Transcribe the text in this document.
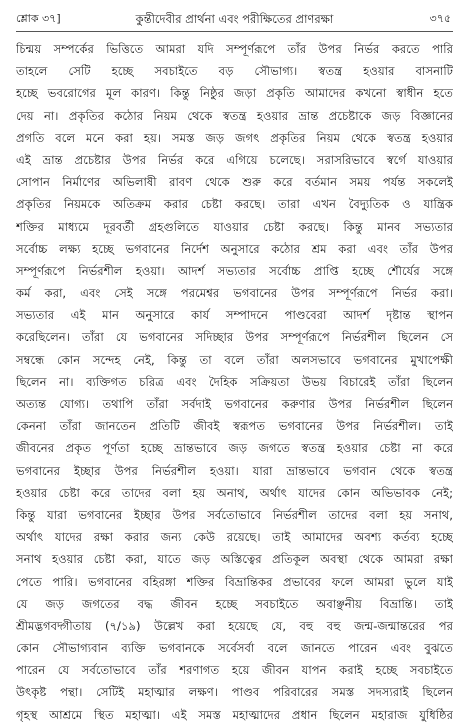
শ্লোক ৩৭]	কুন্তীদেবীর প্রার্থনা এবং পরীক্ষিতের প্রাণরক্ষা	৩৭৫
চিন্ময় সম্পর্কের ভিত্তিতে আমরা যদি সম্পূর্ণরূপে তাঁর উপর নির্ভর করতে পারি
তাহলে সেটি হচ্ছে সবচাইতে বড় সৌভাগ্য। স্বতন্ত্র হওয়ার বাসনাটি
হচ্ছে ভবরোগের মূল কারণ। কিন্তু নিষ্ঠুর জড়া প্রকৃতি আমাদের কখনো স্বাধীন হতে
দেয় না। প্রকৃতির কঠোর নিয়ম থেকে স্বতন্ত্র হওয়ার ভ্রান্ত প্রচেষ্টাকে জড় বিজ্ঞানের
প্রগতি বলে মনে করা হয়। সমস্ত জড় জগৎ প্রকৃতির নিয়ম থেকে স্বতন্ত্র হওয়ার
এই ভ্রান্ত প্রচেষ্টার উপর নির্ভর করে এগিয়ে চলেছে। সরাসরিভাবে স্বর্গে যাওয়ার
সোপান নির্মাণের অভিলাষী রাবণ থেকে শুরু করে বর্তমান সময় পর্যন্ত সকলেই
প্রকৃতির নিয়মকে অতিক্রম করার চেষ্টা করছে। তারা এখন বৈদ্যুতিক ও যান্ত্রিক
শক্তির মাধ্যমে দূরবর্তী গ্রহগুলিতে যাওয়ার চেষ্টা করছে। কিন্তু মানব সভ্যতার
সর্বোচ্চ লক্ষ্য হচ্ছে ভগবানের নির্দেশ অনুসারে কঠোর শ্রম করা এবং তাঁর উপর
সম্পূর্ণরূপে নির্ভরশীল হওয়া। আদর্শ সভ্যতার সর্বোচ্চ প্রাপ্তি হচ্ছে শৌর্যের সঙ্গে
কর্ম করা, এবং সেই সঙ্গে পরমেশ্বর ভগবানের উপর সম্পূর্ণরূপে নির্ভর করা।
সভ্যতার এই মান অনুসারে কার্য সম্পাদনে পাণ্ডবেরা আদর্শ দৃষ্টান্ত স্থাপন
করেছিলেন। তাঁরা যে ভগবানের সদিচ্ছার উপর সম্পূর্ণরূপে নির্ভরশীল ছিলেন সে
সম্বন্ধে কোন সন্দেহ নেই, কিন্তু তা বলে তাঁরা অলসভাবে ভগবানের মুখাপেক্ষী
ছিলেন না। ব্যক্তিগত চরিত্র এবং দৈহিক সক্রিয়তা উভয় বিচারেই তাঁরা ছিলেন
অত্যন্ত যোগ্য। তথাপি তাঁরা সর্বদাই ভগবানের করুণার উপর নির্ভরশীল ছিলেন
কেননা তাঁরা জানতেন প্রতিটি জীবই স্বরূপত ভগবানের উপর নির্ভরশীল। তাই
জীবনের প্রকৃত পূর্ণতা হচ্ছে ভ্রান্তভাবে জড় জগতে স্বতন্ত্র হওয়ার চেষ্টা না করে
ভগবানের ইচ্ছার উপর নির্ভরশীল হওয়া। যারা ভ্রান্তভাবে ভগবান থেকে স্বতন্ত্র
হওয়ার চেষ্টা করে তাদের বলা হয় অনাথ, অর্থাৎ যাদের কোন অভিভাবক নেই;
কিন্তু যারা ভগবানের ইচ্ছার উপর সর্বতোভাবে নির্ভরশীল তাদের বলা হয় সনাথ,
অর্থাৎ যাদের রক্ষা করার জন্য কেউ রয়েছে। তাই আমাদের অবশ্য কর্তব্য হচ্ছে
সনাথ হওয়ার চেষ্টা করা, যাতে জড় অস্তিত্বের প্রতিকূল অবস্থা থেকে আমরা রক্ষা
পেতে পারি। ভগবানের বহিরঙ্গা শক্তির বিভ্রান্তিকর প্রভাবের ফলে আমরা ভুলে যাই
যে জড় জগতের বদ্ধ জীবন হচ্ছে সবচাইতে অবাঞ্ছনীয় বিভ্রান্তি। তাই
শ্রীমদ্ভগবদ্গীতায় (৭/১৯) উল্লেখ করা হয়েছে যে, বহু বহু জন্ম-জন্মান্তরের পর
কোন সৌভাগ্যবান ব্যক্তি ভগবানকে সর্বেসর্বা বলে জানতে পারেন এবং বুঝতে
পারেন যে সর্বতোভাবে তাঁর শরণাগত হয়ে জীবন যাপন করাই হচ্ছে সবচাইতে
উৎকৃষ্ট পন্থা। সেটিই মহাত্মার লক্ষণ। পাণ্ডব পরিবারের সমস্ত সদস্যরাই ছিলেন
গৃহস্থ আশ্রমে স্থিত মহাত্মা। এই সমস্ত মহাত্মাদের প্রধান ছিলেন মহারাজ যুধিষ্ঠির
